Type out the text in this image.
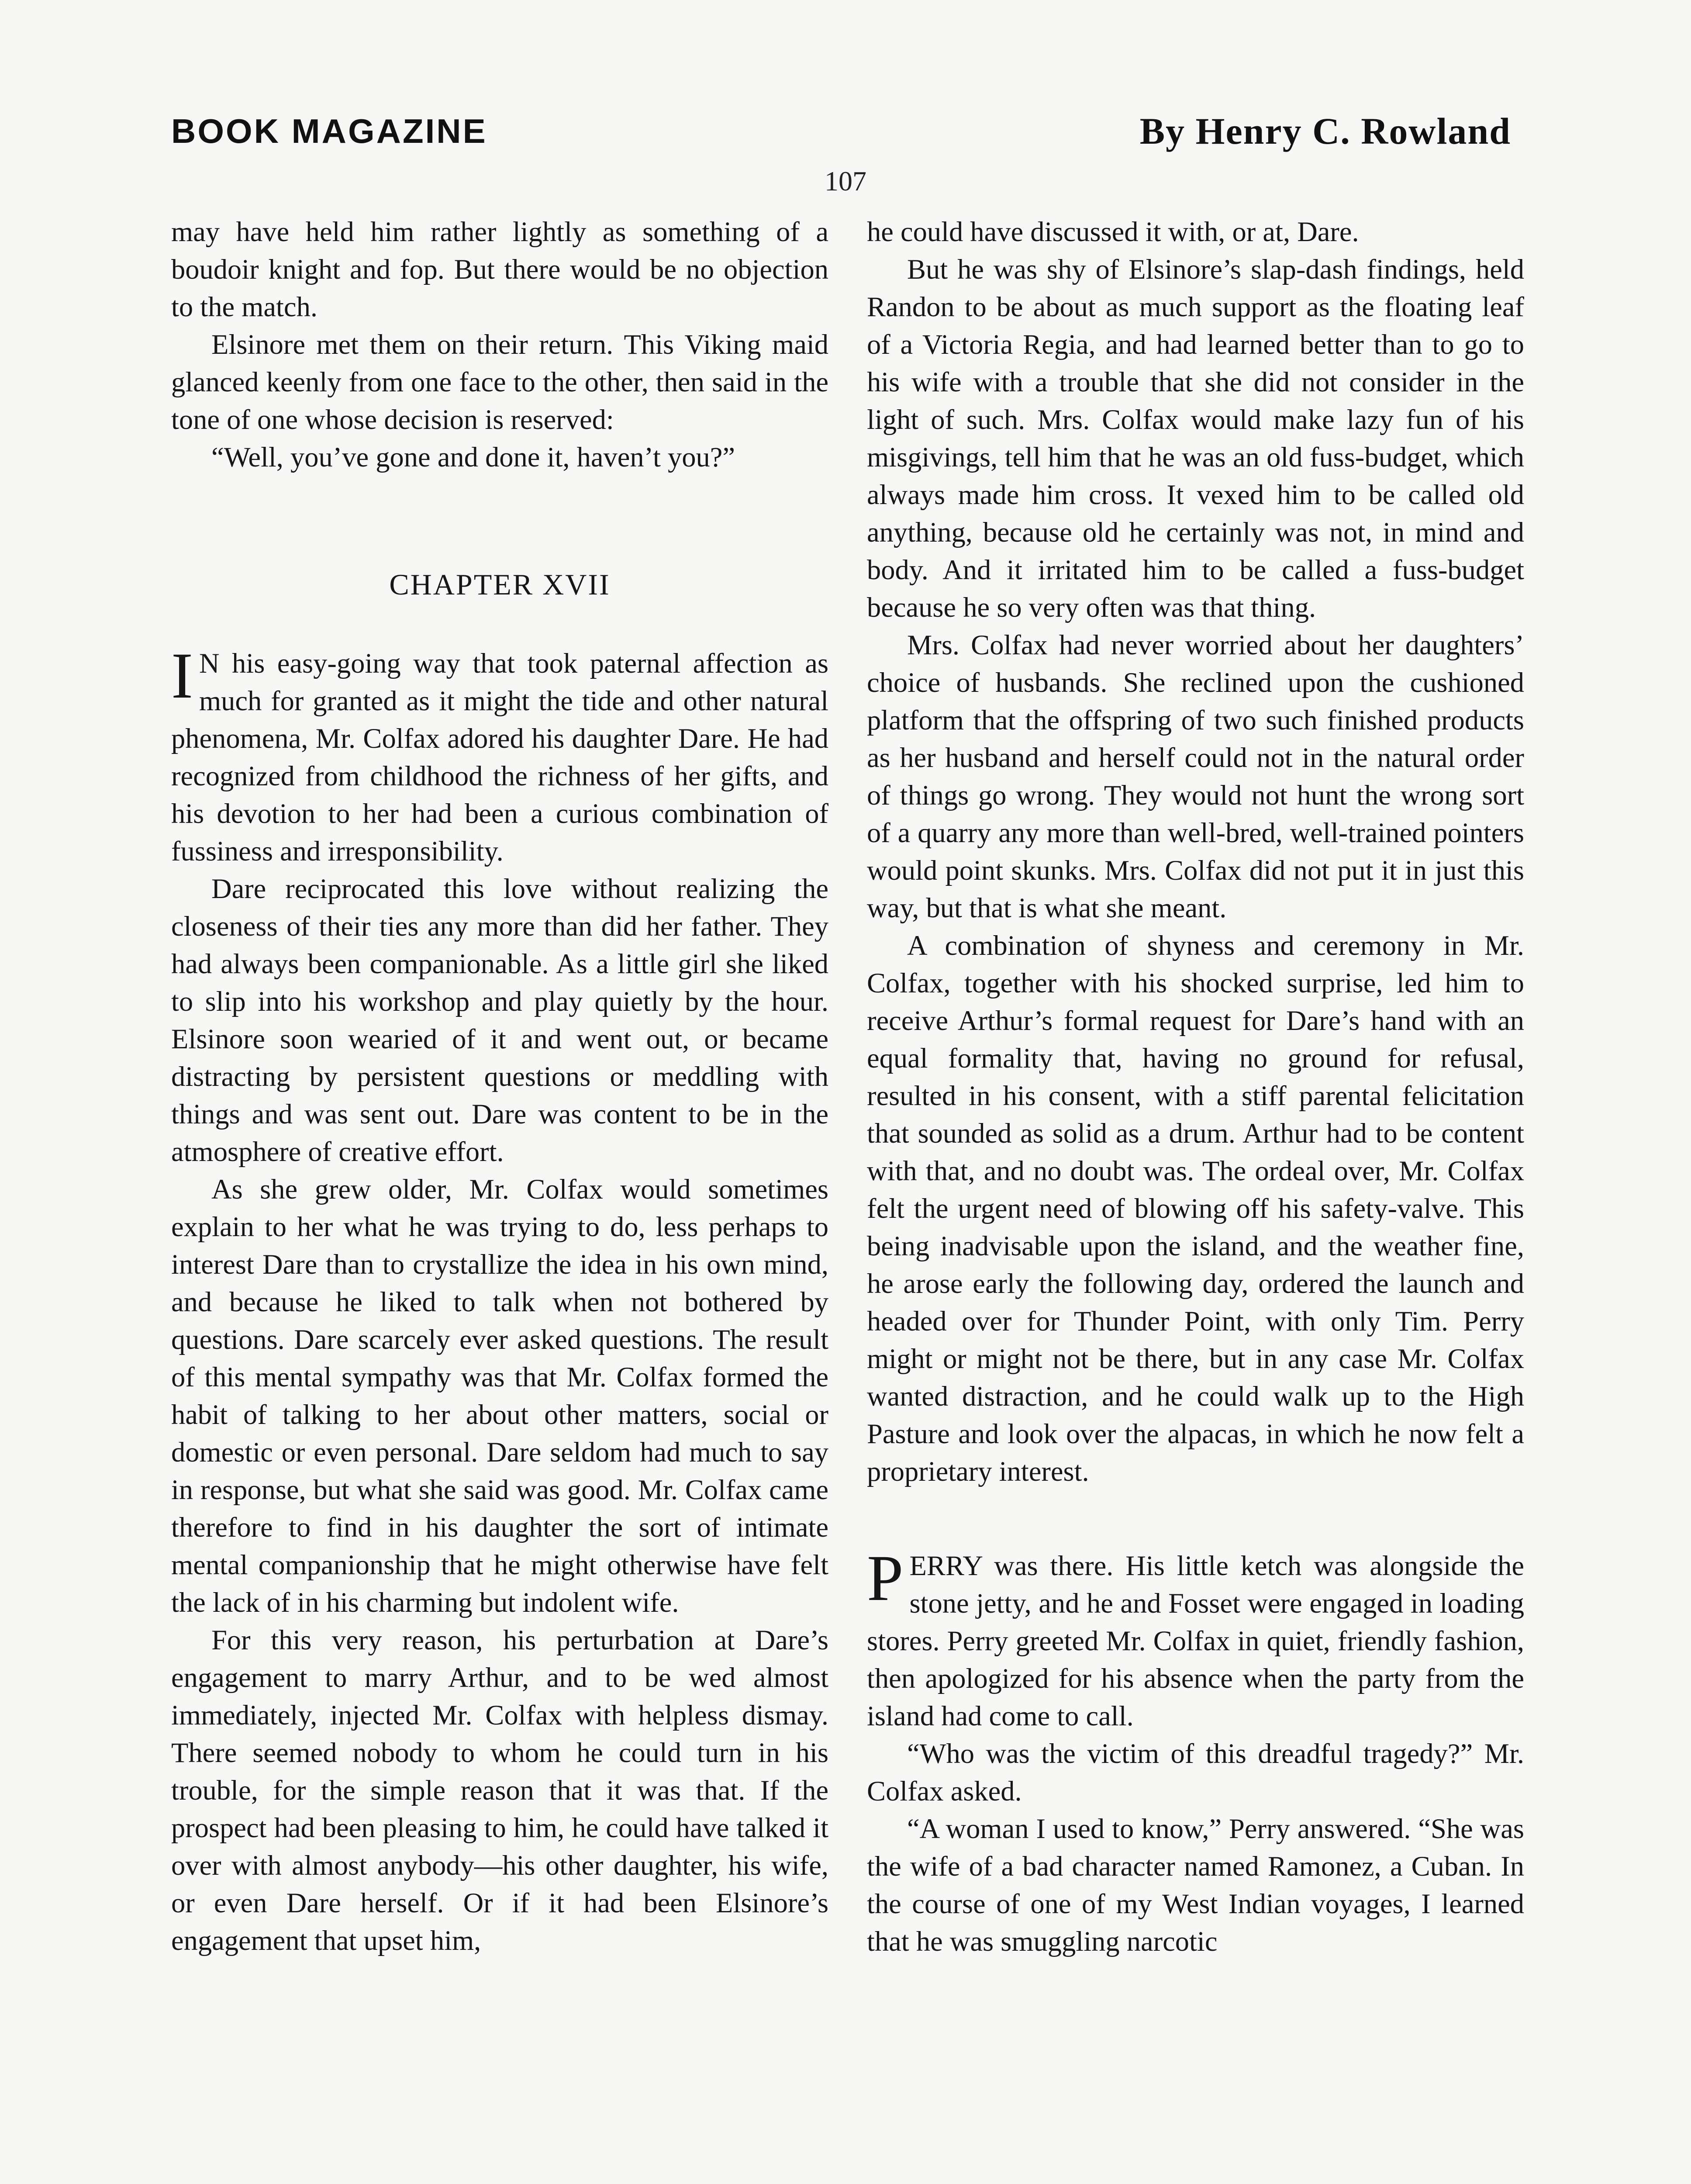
BOOK MAGAZINE	By Henry C. Rowland
107

may have held him rather lightly as something of a boudoir knight and fop. But there would be no objection to the match.

Elsinore met them on their return. This Viking maid glanced keenly from one face to the other, then said in the tone of one whose decision is reserved:

“Well, you’ve gone and done it, haven’t you?”

CHAPTER XVII

I N his easy-going way that took paternal affection as much for granted as it might the tide and other natural phenomena, Mr. Colfax adored his daughter Dare. He had recognized from childhood the richness of her gifts, and his devotion to her had been a curious combination of fussiness and irresponsibility.

Dare reciprocated this love without realizing the closeness of their ties any more than did her father. They had always been companionable. As a little girl she liked to slip into his workshop and play quietly by the hour. Elsinore soon wearied of it and went out, or became distracting by persistent questions or meddling with things and was sent out. Dare was content to be in the atmosphere of creative effort.

As she grew older, Mr. Colfax would sometimes explain to her what he was trying to do, less perhaps to interest Dare than to crystallize the idea in his own mind, and because he liked to talk when not bothered by questions. Dare scarcely ever asked questions. The result of this mental sympathy was that Mr. Colfax formed the habit of talking to her about other matters, social or domestic or even personal. Dare seldom had much to say in response, but what she said was good. Mr. Colfax came therefore to find in his daughter the sort of intimate mental companionship that he might otherwise have felt the lack of in his charming but indolent wife.

For this very reason, his perturbation at Dare’s engagement to marry Arthur, and to be wed almost immediately, injected Mr. Colfax with helpless dismay. There seemed nobody to whom he could turn in his trouble, for the simple reason that it was that. If the prospect had been pleasing to him, he could have talked it over with almost anybody—his other daughter, his wife, or even Dare herself. Or if it had been Elsinore’s engagement that upset him,

he could have discussed it with, or at, Dare.

But he was shy of Elsinore’s slap-dash findings, held Randon to be about as much support as the floating leaf of a Victoria Regia, and had learned better than to go to his wife with a trouble that she did not consider in the light of such. Mrs. Colfax would make lazy fun of his misgivings, tell him that he was an old fuss-budget, which always made him cross. It vexed him to be called old anything, because old he certainly was not, in mind and body. And it irritated him to be called a fuss-budget because he so very often was that thing.

Mrs. Colfax had never worried about her daughters’ choice of husbands. She reclined upon the cushioned platform that the offspring of two such finished products as her husband and herself could not in the natural order of things go wrong. They would not hunt the wrong sort of a quarry any more than well-bred, well-trained pointers would point skunks. Mrs. Colfax did not put it in just this way, but that is what she meant.

A combination of shyness and ceremony in Mr. Colfax, together with his shocked surprise, led him to receive Arthur’s formal request for Dare’s hand with an equal formality that, having no ground for refusal, resulted in his consent, with a stiff parental felicitation that sounded as solid as a drum. Arthur had to be content with that, and no doubt was. The ordeal over, Mr. Colfax felt the urgent need of blowing off his safety-valve. This being inadvisable upon the island, and the weather fine, he arose early the following day, ordered the launch and headed over for Thunder Point, with only Tim. Perry might or might not be there, but in any case Mr. Colfax wanted distraction, and he could walk up to the High Pasture and look over the alpacas, in which he now felt a proprietary interest.

PERRY was there. His little ketch was alongside the stone jetty, and he and Fosset were engaged in loading stores. Perry greeted Mr. Colfax in quiet, friendly fashion, then apologized for his absence when the party from the island had come to call.

“Who was the victim of this dreadful tragedy?” Mr. Colfax asked.

“A woman I used to know,” Perry answered. “She was the wife of a bad character named Ramonez, a Cuban. In the course of one of my West Indian voyages, I learned that he was smuggling narcotic
